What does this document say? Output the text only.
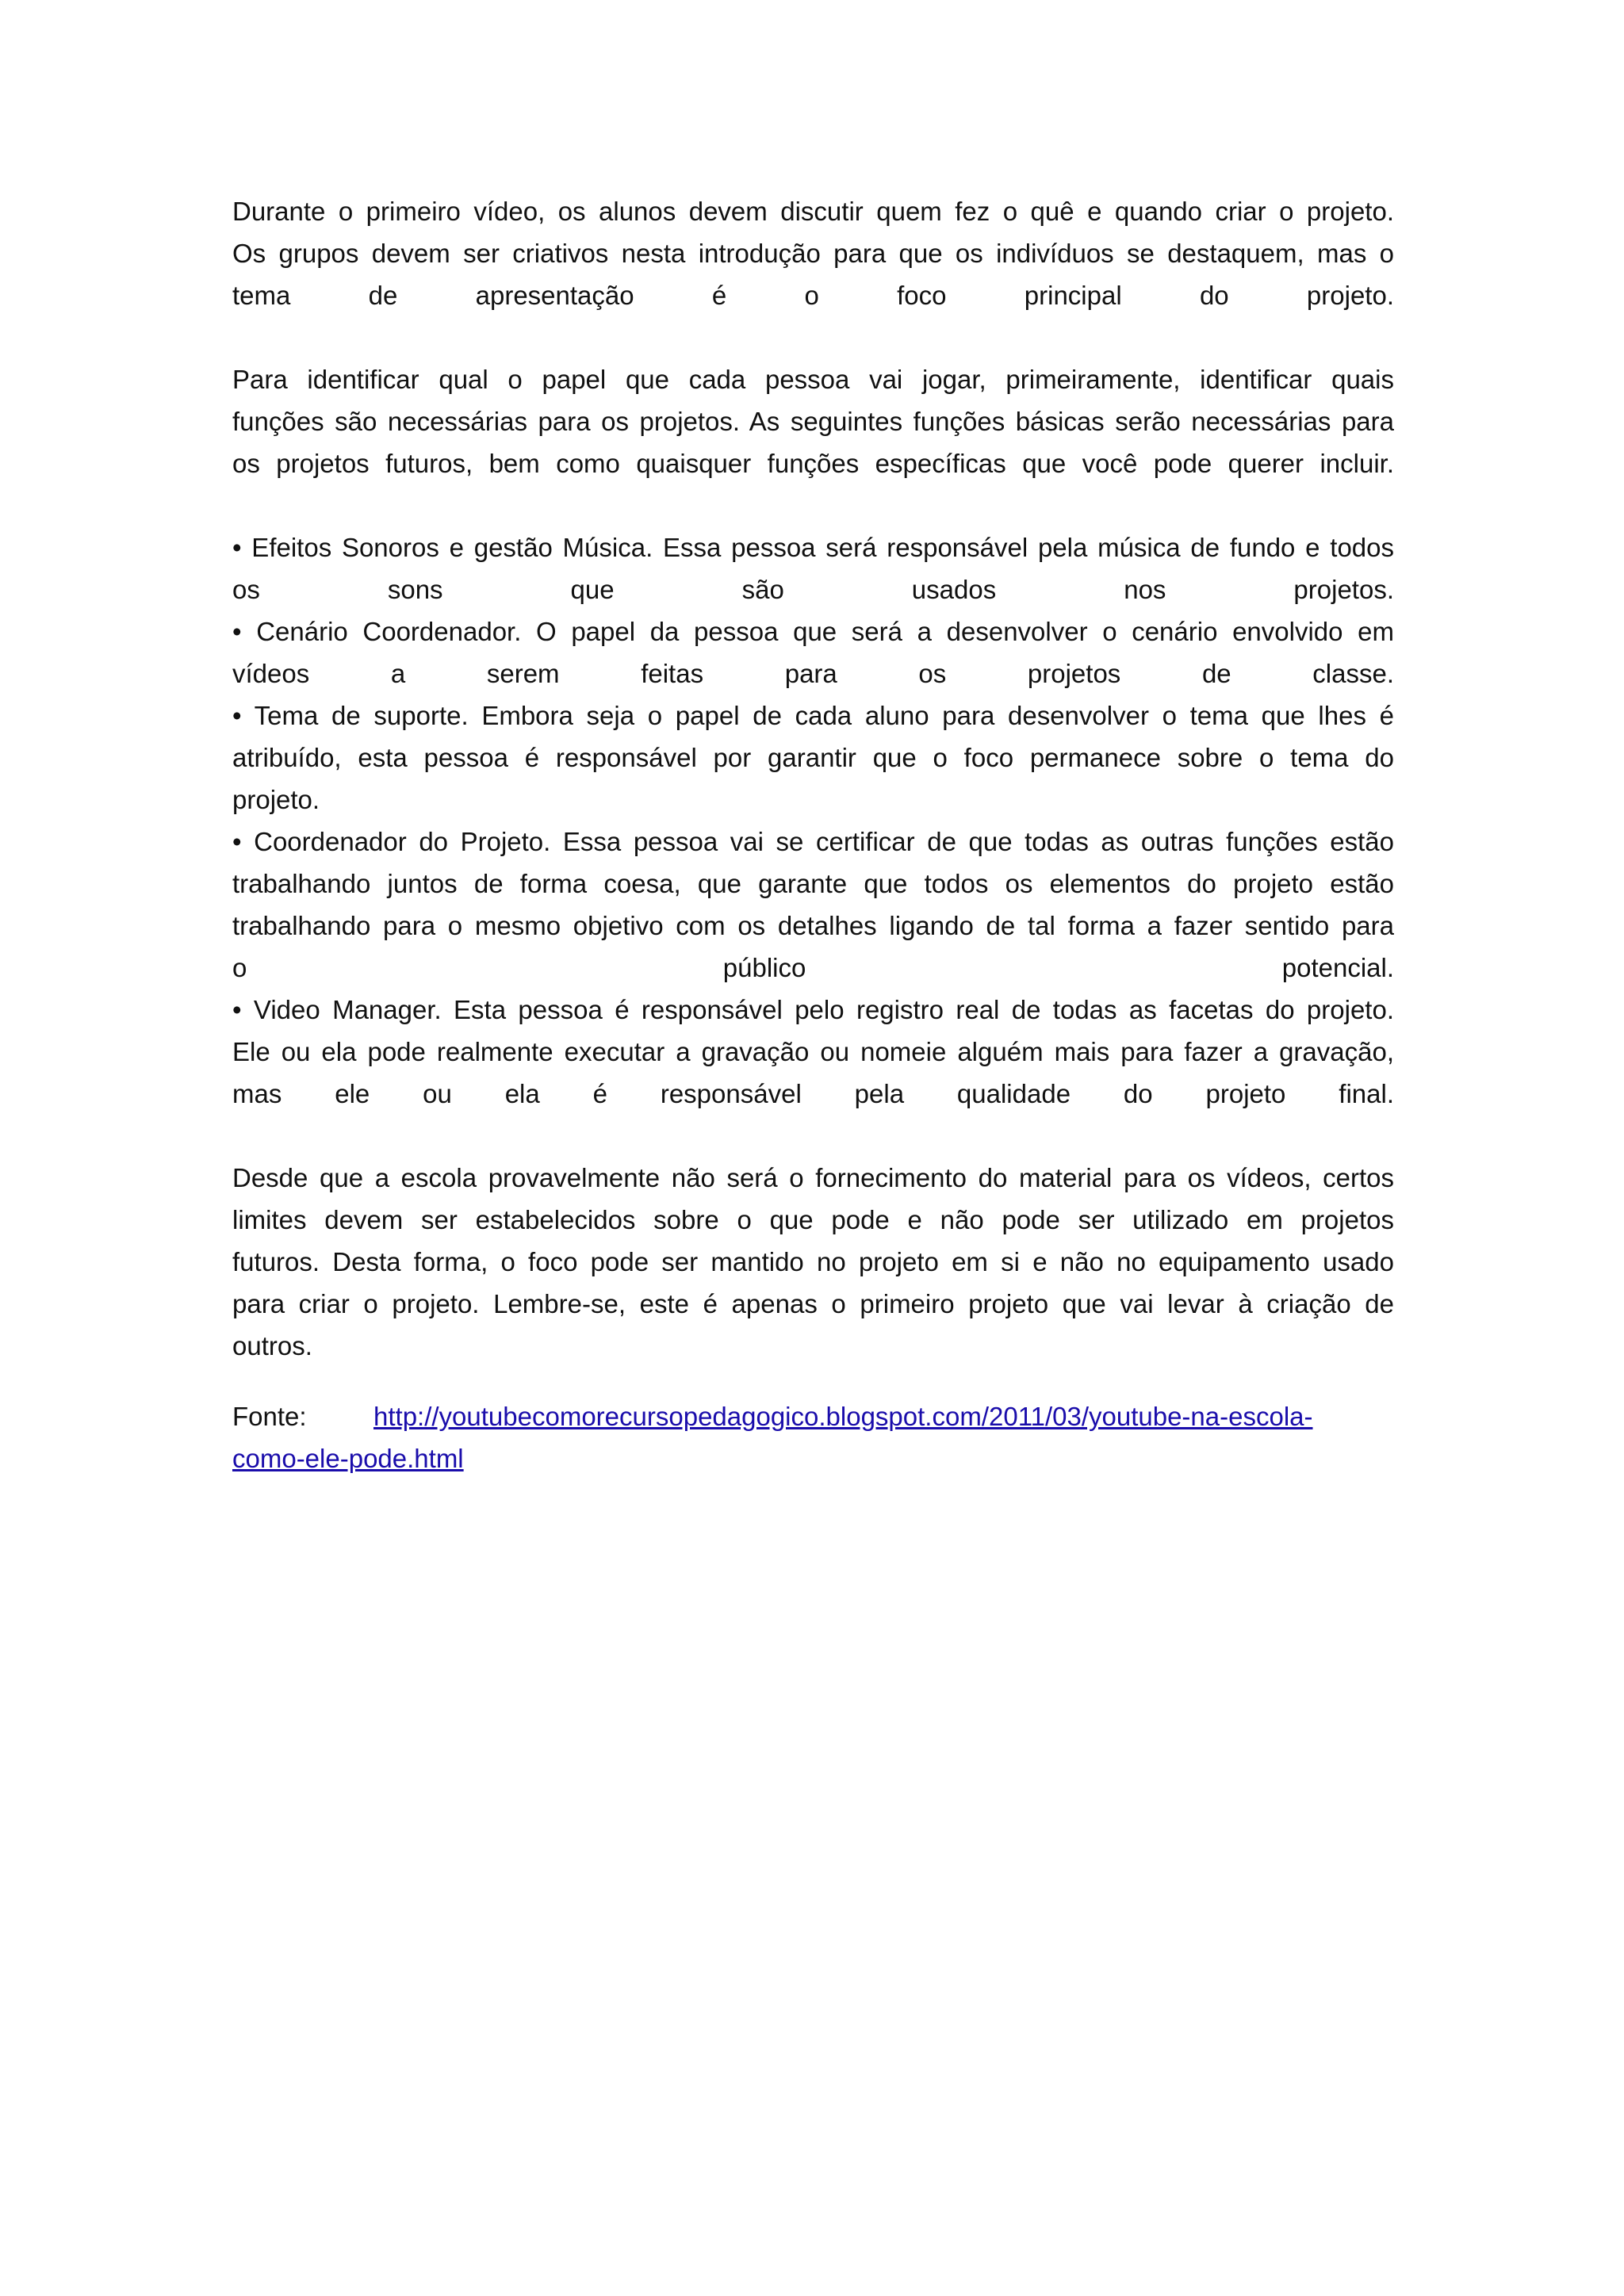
Durante o primeiro vídeo, os alunos devem discutir quem fez o quê e quando criar o projeto.
Os grupos devem ser criativos nesta introdução para que os indivíduos se destaquem, mas o
tema de apresentação é o foco principal do projeto.
Para identificar qual o papel que cada pessoa vai jogar, primeiramente, identificar quais
funções são necessárias para os projetos. As seguintes funções básicas serão necessárias para
os projetos futuros, bem como quaisquer funções específicas que você pode querer incluir.
• Efeitos Sonoros e gestão Música. Essa pessoa será responsável pela música de fundo e todos
os sons que são usados nos projetos.
• Cenário Coordenador. O papel da pessoa que será a desenvolver o cenário envolvido em
vídeos a serem feitas para os projetos de classe.
• Tema de suporte. Embora seja o papel de cada aluno para desenvolver o tema que lhes é
atribuído, esta pessoa é responsável por garantir que o foco permanece sobre o tema do
projeto.
• Coordenador do Projeto. Essa pessoa vai se certificar de que todas as outras funções estão
trabalhando juntos de forma coesa, que garante que todos os elementos do projeto estão
trabalhando para o mesmo objetivo com os detalhes ligando de tal forma a fazer sentido para
o público potencial.
• Video Manager. Esta pessoa é responsável pelo registro real de todas as facetas do projeto.
Ele ou ela pode realmente executar a gravação ou nomeie alguém mais para fazer a gravação,
mas ele ou ela é responsável pela qualidade do projeto final.
Desde que a escola provavelmente não será o fornecimento do material para os vídeos, certos
limites devem ser estabelecidos sobre o que pode e não pode ser utilizado em projetos
futuros. Desta forma, o foco pode ser mantido no projeto em si e não no equipamento usado
para criar o projeto. Lembre-se, este é apenas o primeiro projeto que vai levar à criação de
outros.
Fonte:	http://youtubecomorecursopedagogico.blogspot.com/2011/03/youtube-na-escola-
como-ele-pode.html
